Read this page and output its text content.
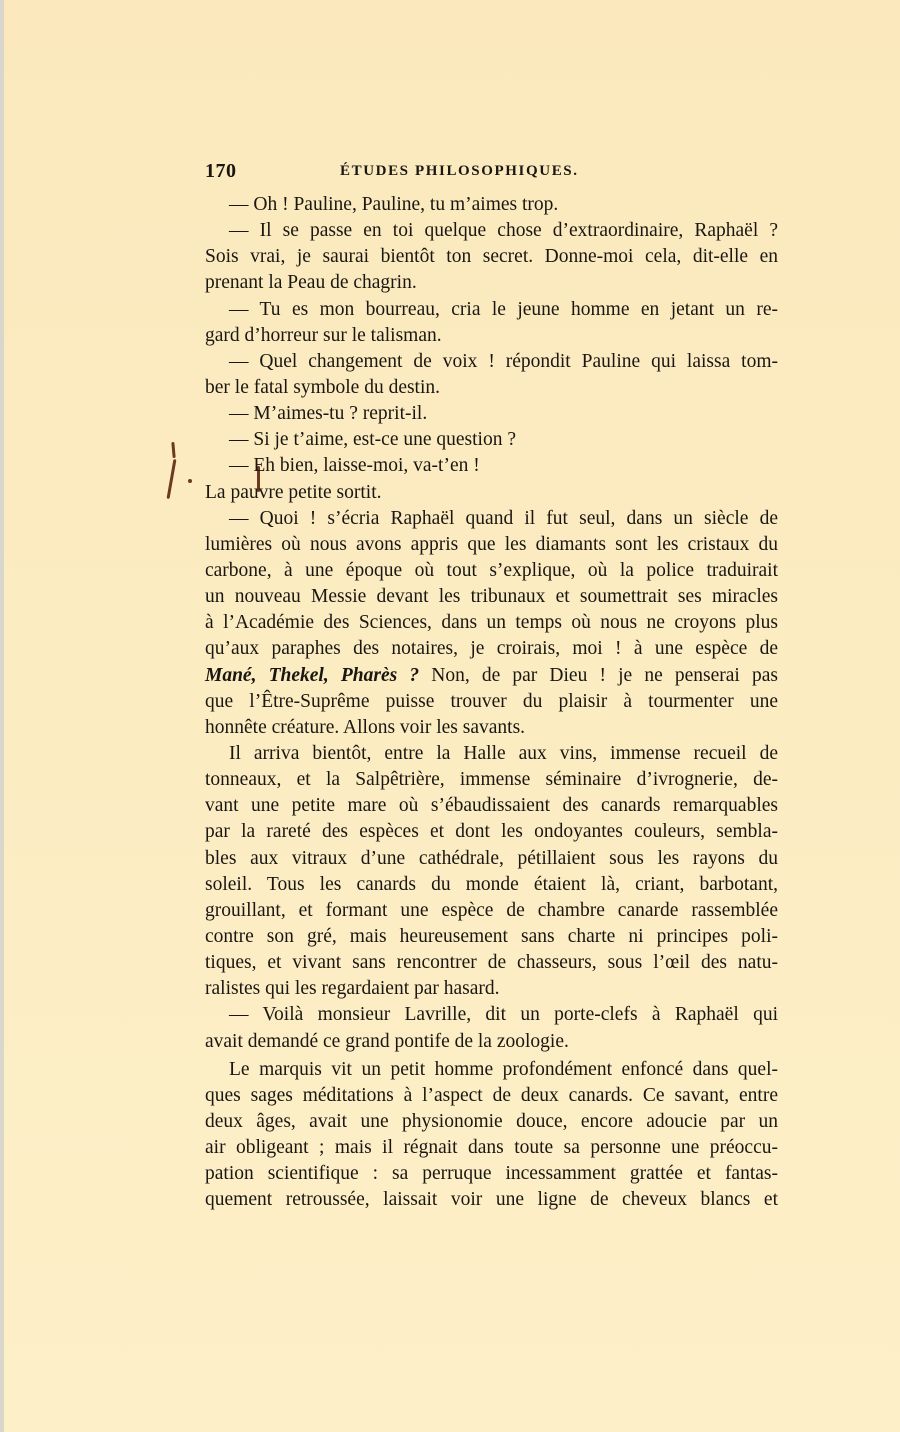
170	ÉTUDES PHILOSOPHIQUES.
— Oh ! Pauline, Pauline, tu m’aimes trop.
— Il se passe en toi quelque chose d’extraordinaire, Raphaël ?
Sois vrai, je saurai bientôt ton secret. Donne-moi cela, dit-elle en
prenant la Peau de chagrin.
— Tu es mon bourreau, cria le jeune homme en jetant un re-
gard d’horreur sur le talisman.
— Quel changement de voix ! répondit Pauline qui laissa tom-
ber le fatal symbole du destin.
— M’aimes-tu ? reprit-il.
— Si je t’aime, est-ce une question ?
— Eh bien, laisse-moi, va-t’en !
La pauvre petite sortit.
— Quoi ! s’écria Raphaël quand il fut seul, dans un siècle de
lumières où nous avons appris que les diamants sont les cristaux du
carbone, à une époque où tout s’explique, où la police traduirait
un nouveau Messie devant les tribunaux et soumettrait ses miracles
à l’Académie des Sciences, dans un temps où nous ne croyons plus
qu’aux paraphes des notaires, je croirais, moi ! à une espèce de
Mané, Thekel, Pharès ? Non, de par Dieu ! je ne penserai pas
que l’Être-Suprême puisse trouver du plaisir à tourmenter une
honnête créature. Allons voir les savants.
Il arriva bientôt, entre la Halle aux vins, immense recueil de
tonneaux, et la Salpêtrière, immense séminaire d’ivrognerie, de-
vant une petite mare où s’ébaudissaient des canards remarquables
par la rareté des espèces et dont les ondoyantes couleurs, sembla-
bles aux vitraux d’une cathédrale, pétillaient sous les rayons du
soleil. Tous les canards du monde étaient là, criant, barbotant,
grouillant, et formant une espèce de chambre canarde rassemblée
contre son gré, mais heureusement sans charte ni principes poli-
tiques, et vivant sans rencontrer de chasseurs, sous l’œil des natu-
ralistes qui les regardaient par hasard.
— Voilà monsieur Lavrille, dit un porte-clefs à Raphaël qui
avait demandé ce grand pontife de la zoologie.
Le marquis vit un petit homme profondément enfoncé dans quel-
ques sages méditations à l’aspect de deux canards. Ce savant, entre
deux âges, avait une physionomie douce, encore adoucie par un
air obligeant ; mais il régnait dans toute sa personne une préoccu-
pation scientifique : sa perruque incessamment grattée et fantas-
quement retroussée, laissait voir une ligne de cheveux blancs et
